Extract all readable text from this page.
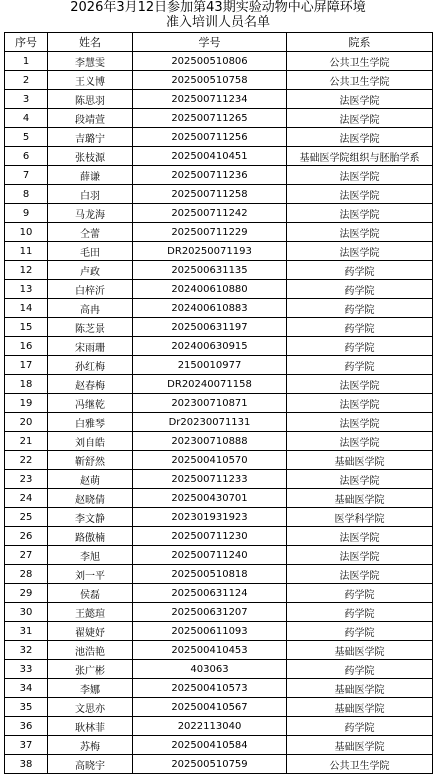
2026年3月12日参加第43期实验动物中心屏障环境
准入培训人员名单
序号	姓名	学号	院系
1	李慧雯	202500510806	公共卫生学院
2	王义博	202500510758	公共卫生学院
3	陈思羽	202500711234	法医学院
4	段靖萱	202500711265	法医学院
5	吉璐宁	202500711256	法医学院
6	张枝源	202500410451	基础医学院组织与胚胎学系
7	薛谦	202500711236	法医学院
8	白羽	202500711258	法医学院
9	马龙海	202500711242	法医学院
10	仝蕾	202500711229	法医学院
11	毛田	DR20250071193	法医学院
12	卢政	202500631135	药学院
13	白梓沂	202400610880	药学院
14	高冉	202400610883	药学院
15	陈芝景	202500631197	药学院
16	宋雨珊	202400630915	药学院
17	孙红梅	2150010977	药学院
18	赵春梅	DR20240071158	法医学院
19	冯继乾	202300710871	法医学院
20	白雅琴	Dr20230071131	法医学院
21	刘自皓	202300710888	法医学院
22	靳舒然	202500410570	基础医学院
23	赵萌	202500711233	法医学院
24	赵晓倩	202500430701	基础医学院
25	李文静	202301931923	医学科学院
26	路傲楠	202500711230	法医学院
27	李旭	202500711240	法医学院
28	刘一平	202500510818	法医学院
29	侯磊	202500631124	药学院
30	王懿瑄	202500631207	药学院
31	翟婕妤	202500611093	药学院
32	池浩艳	202500410453	基础医学院
33	张广彬	403063	药学院
34	李娜	202500410573	基础医学院
35	文思亦	202500410567	基础医学院
36	耿林菲	2022113040	药学院
37	苏梅	202500410584	基础医学院
38	高晓宇	202500510759	公共卫生学院
